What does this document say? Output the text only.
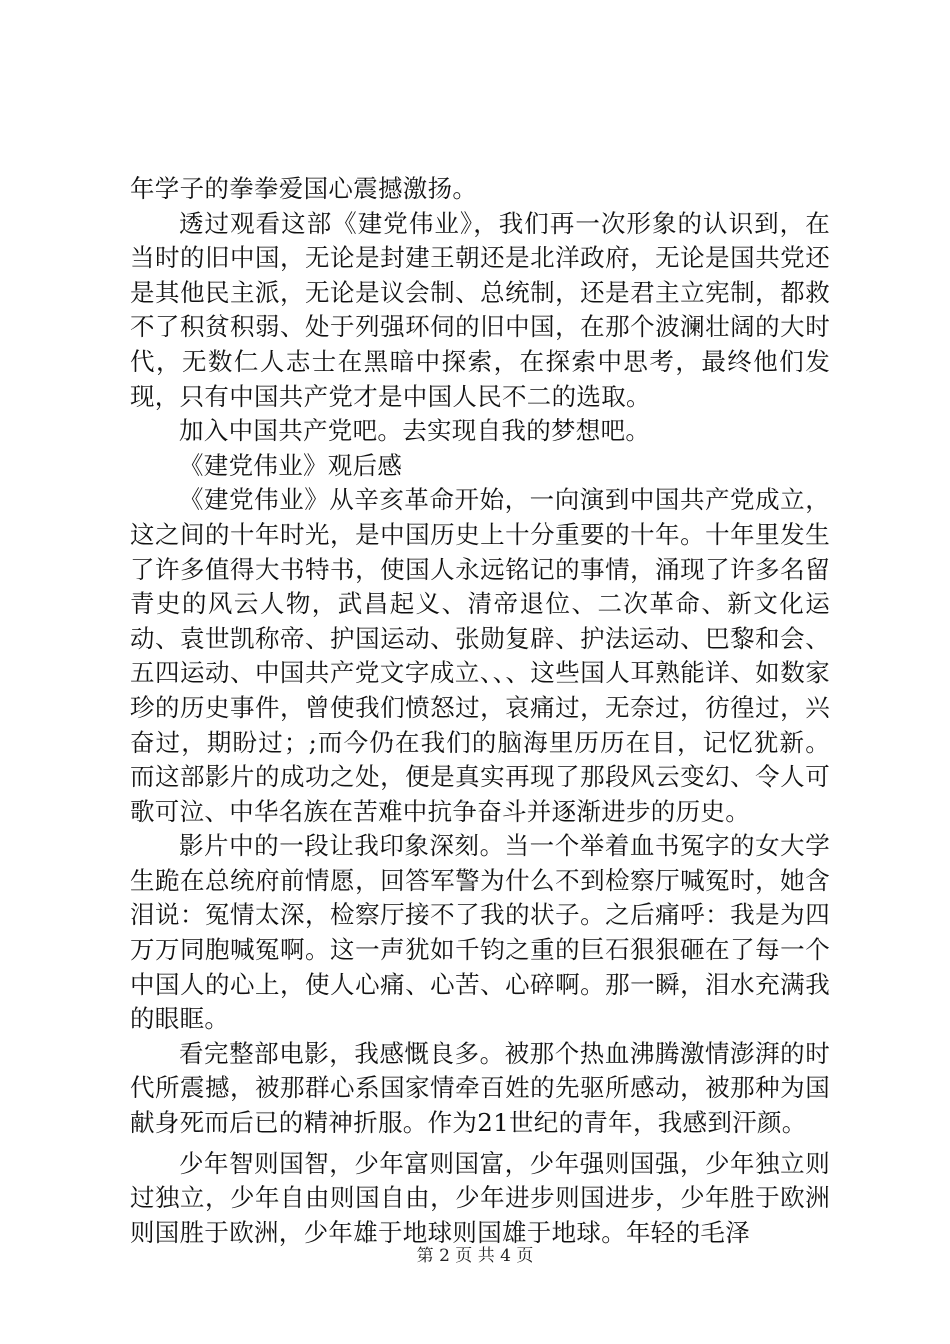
年学子的拳拳爱国心震撼激扬。

透过观看这部《建党伟业》，我们再一次形象的认识到，在当时的旧中国，无论是封建王朝还是北洋政府，无论是国共党还是其他民主派，无论是议会制、总统制，还是君主立宪制，都救不了积贫积弱、处于列强环伺的旧中国，在那个波澜壮阔的大时代，无数仁人志士在黑暗中探索，在探索中思考，最终他们发现，只有中国共产党才是中国人民不二的选取。

加入中国共产党吧。去实现自我的梦想吧。

《建党伟业》观后感

《建党伟业》从辛亥革命开始，一向演到中国共产党成立，这之间的十年时光，是中国历史上十分重要的十年。十年里发生了许多值得大书特书，使国人永远铭记的事情，涌现了许多名留青史的风云人物，武昌起义、清帝退位、二次革命、新文化运动、袁世凯称帝、护国运动、张勋复辟、护法运动、巴黎和会、五四运动、中国共产党文字成立、、、这些国人耳熟能详、如数家珍的历史事件，曾使我们愤怒过，哀痛过，无奈过，彷徨过，兴奋过，期盼过；;而今仍在我们的脑海里历历在目，记忆犹新。而这部影片的成功之处，便是真实再现了那段风云变幻、令人可歌可泣、中华名族在苦难中抗争奋斗并逐渐进步的历史。

影片中的一段让我印象深刻。当一个举着血书冤字的女大学生跪在总统府前情愿，回答军警为什么不到检察厅喊冤时，她含泪说：冤情太深，检察厅接不了我的状子。之后痛呼：我是为四万万同胞喊冤啊。这一声犹如千钧之重的巨石狠狠砸在了每一个中国人的心上，使人心痛、心苦、心碎啊。那一瞬，泪水充满我的眼眶。

看完整部电影，我感慨良多。被那个热血沸腾激情澎湃的时代所震撼，被那群心系国家情牵百姓的先驱所感动，被那种为国献身死而后已的精神折服。作为21世纪的青年，我感到汗颜。

少年智则国智，少年富则国富，少年强则国强，少年独立则过独立，少年自由则国自由，少年进步则国进步，少年胜于欧洲则国胜于欧洲，少年雄于地球则国雄于地球。年轻的毛泽

第 2 页 共 4 页
